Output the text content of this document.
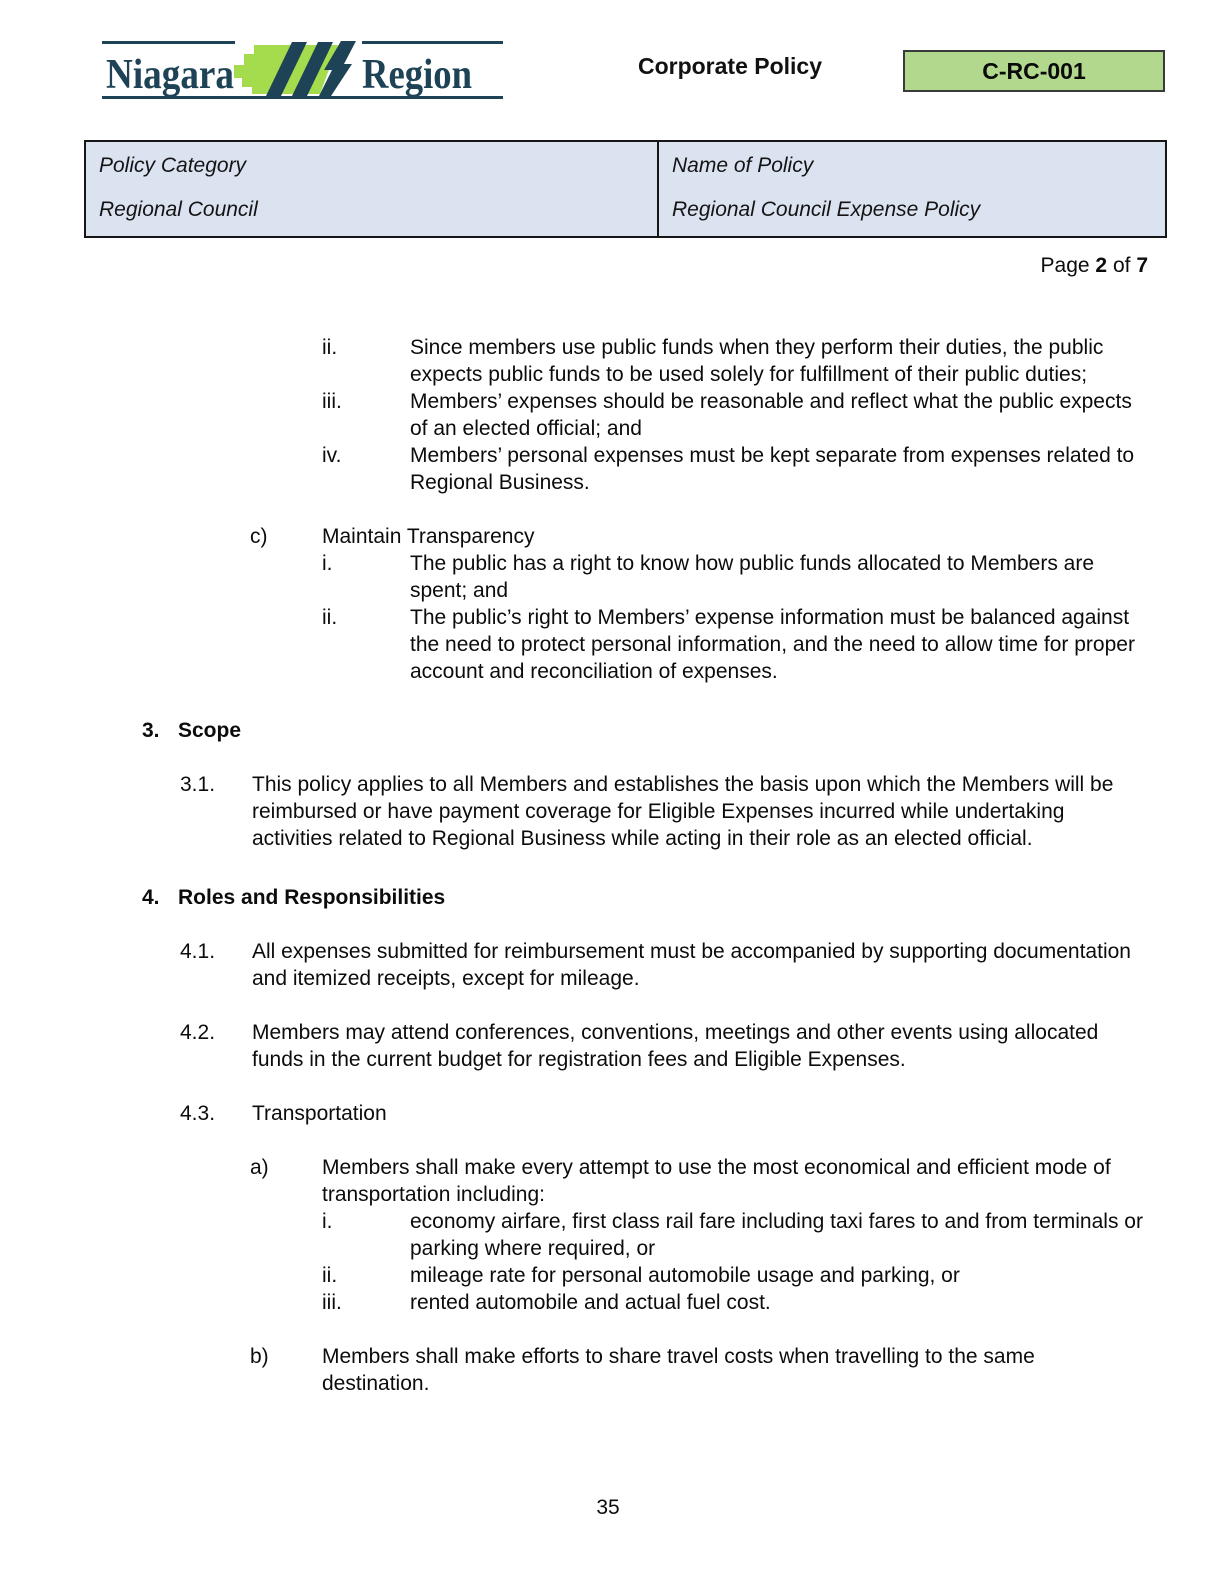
Niagara	Region	Corporate Policy	C-RC-001
Policy Category
Regional Council
Name of Policy
Regional Council Expense Policy
Page 2 of 7
ii.	Since members use public funds when they perform their duties, the public expects public funds to be used solely for fulfillment of their public duties;
iii.	Members’ expenses should be reasonable and reflect what the public expects of an elected official; and
iv.	Members’ personal expenses must be kept separate from expenses related to Regional Business.
c)	Maintain Transparency
i.	The public has a right to know how public funds allocated to Members are spent; and
ii.	The public’s right to Members’ expense information must be balanced against the need to protect personal information, and the need to allow time for proper account and reconciliation of expenses.
3. Scope
3.1.	This policy applies to all Members and establishes the basis upon which the Members will be reimbursed or have payment coverage for Eligible Expenses incurred while undertaking activities related to Regional Business while acting in their role as an elected official.
4. Roles and Responsibilities
4.1.	All expenses submitted for reimbursement must be accompanied by supporting documentation and itemized receipts, except for mileage.
4.2.	Members may attend conferences, conventions, meetings and other events using allocated funds in the current budget for registration fees and Eligible Expenses.
4.3.	Transportation
a)	Members shall make every attempt to use the most economical and efficient mode of transportation including:
i.	economy airfare, first class rail fare including taxi fares to and from terminals or parking where required, or
ii.	mileage rate for personal automobile usage and parking, or
iii.	rented automobile and actual fuel cost.
b)	Members shall make efforts to share travel costs when travelling to the same destination.
35
